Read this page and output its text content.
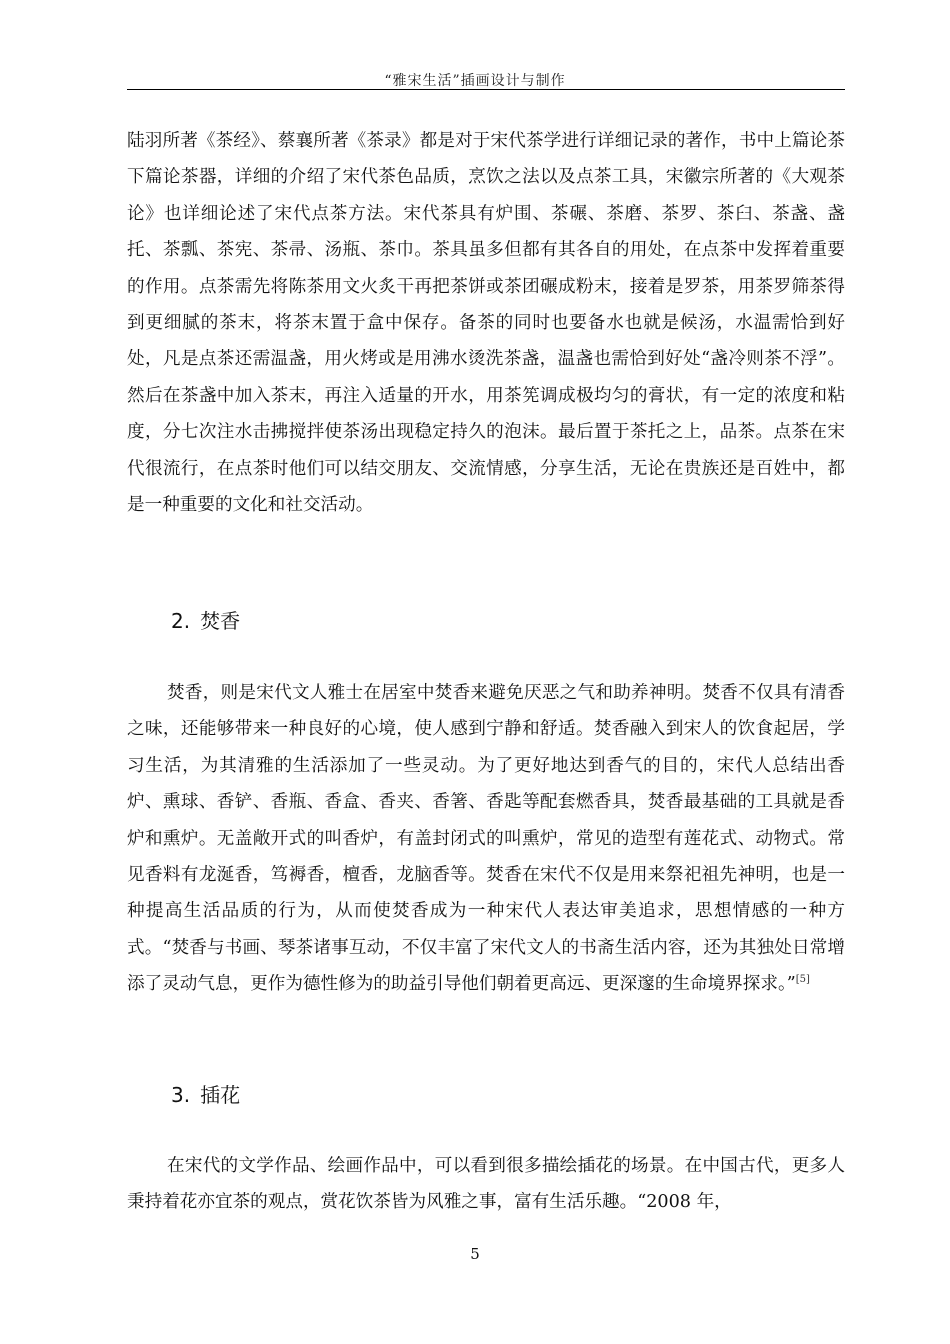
“雅宋生活”插画设计与制作

陆羽所著《茶经》、蔡襄所著《茶录》都是对于宋代茶学进行详细记录的著作，书中上篇论茶下篇论茶器，详细的介绍了宋代茶色品质，烹饮之法以及点茶工具，宋徽宗所著的《大观茶论》也详细论述了宋代点茶方法。宋代茶具有炉围、茶碾、茶磨、茶罗、茶臼、茶盏、盏托、茶瓢、茶宪、茶帚、汤瓶、茶巾。茶具虽多但都有其各自的用处，在点茶中发挥着重要的作用。点茶需先将陈茶用文火炙干再把茶饼或茶团碾成粉末，接着是罗茶，用茶罗筛茶得到更细腻的茶末，将茶末置于盒中保存。备茶的同时也要备水也就是候汤，水温需恰到好处，凡是点茶还需温盏，用火烤或是用沸水烫洗茶盏，温盏也需恰到好处“盏冷则茶不浮”。然后在茶盏中加入茶末，再注入适量的开水，用茶筅调成极均匀的膏状，有一定的浓度和粘度，分七次注水击拂搅拌使茶汤出现稳定持久的泡沫。最后置于茶托之上，品茶。点茶在宋代很流行，在点茶时他们可以结交朋友、交流情感，分享生活，无论在贵族还是百姓中，都是一种重要的文化和社交活动。

2. 焚香

焚香，则是宋代文人雅士在居室中焚香来避免厌恶之气和助养神明。焚香不仅具有清香之味，还能够带来一种良好的心境，使人感到宁静和舒适。焚香融入到宋人的饮食起居，学习生活，为其清雅的生活添加了一些灵动。为了更好地达到香气的目的，宋代人总结出香炉、熏球、香铲、香瓶、香盒、香夹、香箸、香匙等配套燃香具，焚香最基础的工具就是香炉和熏炉。无盖敞开式的叫香炉，有盖封闭式的叫熏炉，常见的造型有莲花式、动物式。常见香料有龙涎香，笃褥香，檀香，龙脑香等。焚香在宋代不仅是用来祭祀祖先神明，也是一种提高生活品质的行为，从而使焚香成为一种宋代人表达审美追求，思想情感的一种方式。“焚香与书画、琴茶诸事互动，不仅丰富了宋代文人的书斋生活内容，还为其独处日常增添了灵动气息，更作为德性修为的助益引导他们朝着更高远、更深邃的生命境界探求。”[5]

3. 插花

在宋代的文学作品、绘画作品中，可以看到很多描绘插花的场景。在中国古代，更多人秉持着花亦宜茶的观点，赏花饮茶皆为风雅之事，富有生活乐趣。“2008 年，

5
